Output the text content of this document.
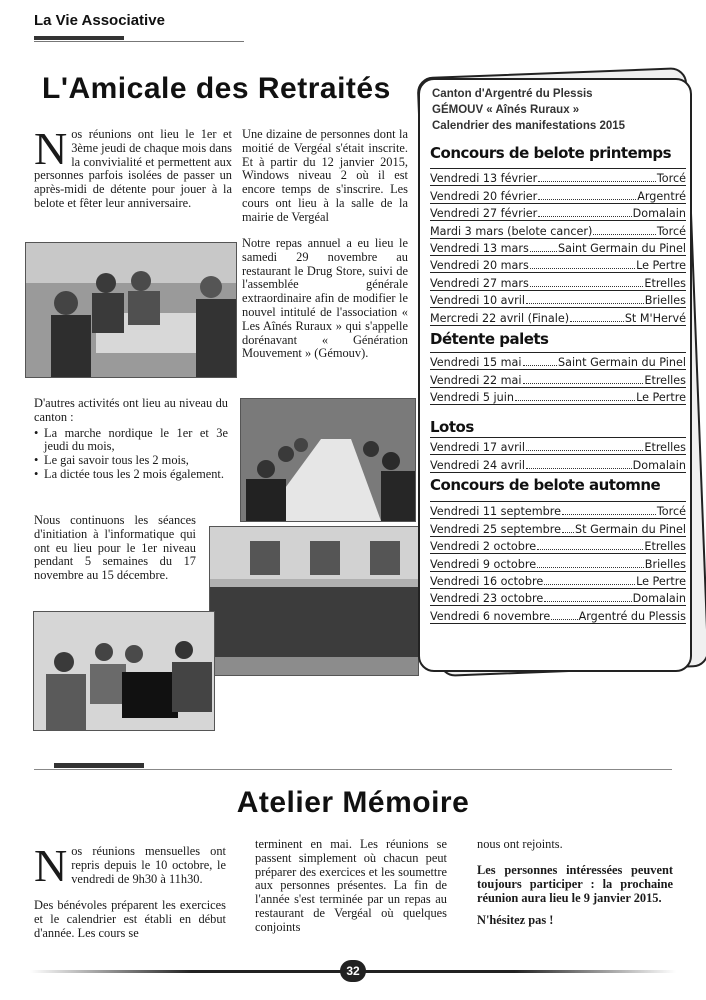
La Vie Associative
L'Amicale des Retraités
Nos réunions ont lieu le 1er et 3ème jeudi de chaque mois dans la convivialité et permettent aux personnes parfois isolées de passer un après-midi de détente pour jouer à la belote et fêter leur anniversaire.
Une dizaine de personnes dont la moitié de Vergéal s'était inscrite. Et à partir du 12 janvier 2015, Windows niveau 2 où il est encore temps de s'inscrire. Les cours ont lieu à la salle de la mairie de Vergéal
Notre repas annuel a eu lieu le samedi 29 novembre au restaurant le Drug Store, suivi de l'assemblée générale extraordinaire afin de modifier le nouvel intitulé de l'association « Les Aînés Ruraux » qui s'appelle dorénavant « Génération Mouvement » (Gémouv).
D'autres activités ont lieu au niveau du canton :
• La marche nordique le 1er et 3e jeudi du mois,
• Le gai savoir tous les 2 mois,
• La dictée tous les 2 mois également.
Nous continuons les séances d'initiation à l'informatique qui ont eu lieu pour le 1er niveau pendant 5 semaines du 17 novembre au 15 décembre.
Canton d'Argentré du Plessis
GÉMOUV « Aînés Ruraux »
Calendrier des manifestations 2015
Concours de belote printemps
Vendredi 13 février	Torcé
Vendredi 20 février	Argentré
Vendredi 27 février	Domalain
Mardi 3 mars (belote cancer)	Torcé
Vendredi 13 mars	Saint Germain du Pinel
Vendredi 20 mars	Le Pertre
Vendredi 27 mars	Etrelles
Vendredi 10 avril	Brielles
Mercredi 22 avril (Finale)	St M'Hervé
Détente palets
Vendredi 15 mai	Saint Germain du Pinel
Vendredi 22 mai	Etrelles
Vendredi 5 juin	Le Pertre
Lotos
Vendredi 17 avril	Etrelles
Vendredi 24 avril	Domalain
Concours de belote automne
Vendredi 11 septembre	Torcé
Vendredi 25 septembre St Germain du Pinel
Vendredi 2 octobre	Etrelles
Vendredi 9 octobre	Brielles
Vendredi 16 octobre	Le Pertre
Vendredi 23 octobre	Domalain
Vendredi 6 novembre	Argentré du Plessis
Atelier Mémoire
Nos réunions mensuelles ont repris depuis le 10 octobre, le vendredi de 9h30 à 11h30.
Des bénévoles préparent les exercices et le calendrier est établi en début d'année. Les cours se
terminent en mai. Les réunions se passent simplement où chacun peut préparer des exercices et les soumettre aux personnes présentes. La fin de l'année s'est terminée par un repas au restaurant de Vergéal où quelques conjoints
nous ont rejoints.
Les personnes intéressées peuvent toujours participer : la prochaine réunion aura lieu le 9 janvier 2015.
N'hésitez pas !
32
